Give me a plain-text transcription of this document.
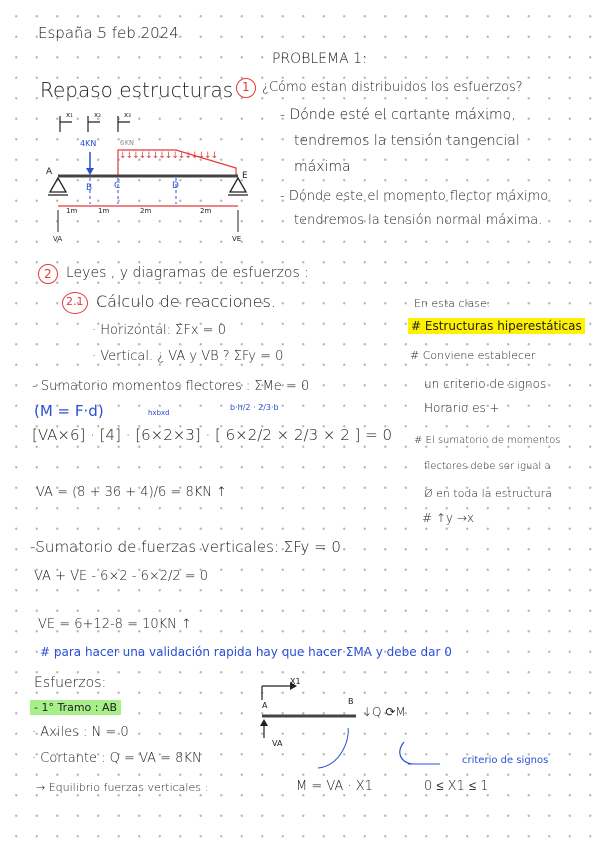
España 5 feb 2024
PROBLEMA 1:
Repaso estructuras 1 ¿Cómo estan distribuidos los esfuerzos?
- Dónde esté el cortante máximo,
tendremos la tensión tangencial
máxima
- Dónde este el momento flector máximo
tendremos la tensión normal máxima.
4KN	6KN
↓↓↓↓↓↓↓↓↓↓↓↓↓↓↓
x₁	x₂	x₃
A
B C	D
E
1m	1m	2m	2m
VA	VE
2 Leyes , y diagramas de esfuerzos :
2.1 Cálculo de reacciones.
· Horizontal: ΣFx = 0
· Vertical. ¿ VA y VB ? ΣFy = 0
- Sumatorio momentos flectores : ΣMe = 0
(M = F·d)	hxbxd
b·h/2 · 2/3·b
[VA×6] · [4] · [6×2×3] · [ 6×2/2 × 2/3 × 2 ] = 0
VA = (8 + 36 + 4)/6 = 8KN ↑
-Sumatorio de fuerzas verticales: ΣFy = 0
VA + VE - 6×2 - 6×2/2 = 0
VE = 6+12-8 = 10KN ↑
# para hacer una validación rapida hay que hacer ΣMA y debe dar 0
En esta clase:
# Estructuras hiperestáticas
# Conviene establecer
un criterio de signos
Horario es +
# El sumatorio de momentos
flectores debe ser igual a
Ø en toda la estructura
# ↑y →x
Esfuerzos:
- 1° Tramo : AB
· Axiles : N = 0
· Cortante : Q = VA = 8KN
→ Equilibrio fuerzas verticales :	M = VA · X1	0 ≤ X1 ≤ 1
X1
A	B
VA
↓Q ⟳M
criterio de signos
